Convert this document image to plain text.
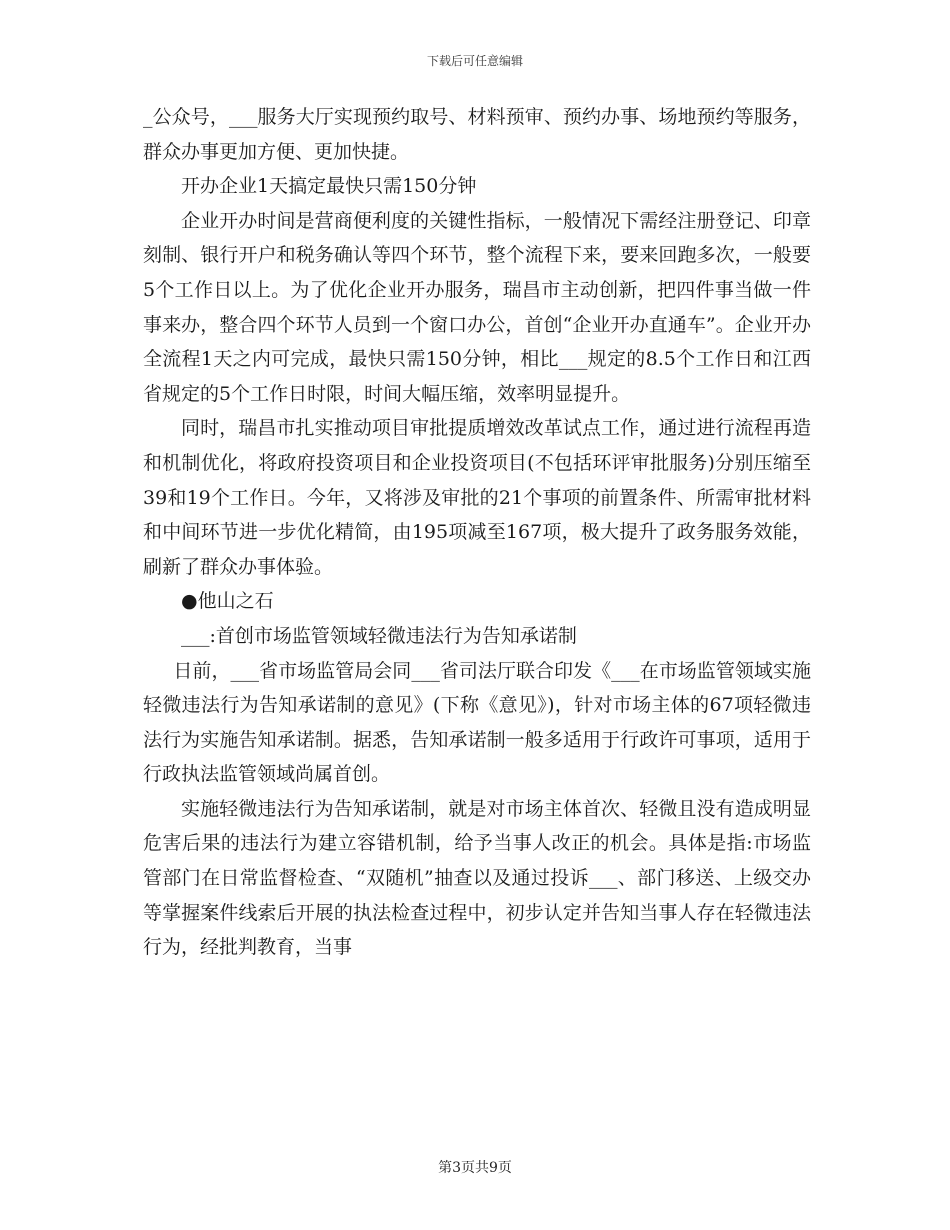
下载后可任意编辑

_公众号，___服务大厅实现预约取号、材料预审、预约办事、场地预约等服务，群众办事更加方便、更加快捷。

开办企业1天搞定最快只需150分钟

企业开办时间是营商便利度的关键性指标，一般情况下需经注册登记、印章刻制、银行开户和税务确认等四个环节，整个流程下来，要来回跑多次，一般要5个工作日以上。为了优化企业开办服务，瑞昌市主动创新，把四件事当做一件事来办，整合四个环节人员到一个窗口办公，首创“企业开办直通车”。企业开办全流程1天之内可完成，最快只需150分钟，相比___规定的8.5个工作日和江西省规定的5个工作日时限，时间大幅压缩，效率明显提升。

同时，瑞昌市扎实推动项目审批提质增效改革试点工作，通过进行流程再造和机制优化，将政府投资项目和企业投资项目(不包括环评审批服务)分别压缩至39和19个工作日。今年，又将涉及审批的21个事项的前置条件、所需审批材料和中间环节进一步优化精简，由195项减至167项，极大提升了政务服务效能，刷新了群众办事体验。

●他山之石

___:首创市场监管领域轻微违法行为告知承诺制

日前，___省市场监管局会同___省司法厅联合印发《___在市场监管领域实施轻微违法行为告知承诺制的意见》(下称《意见》)，针对市场主体的67项轻微违法行为实施告知承诺制。据悉，告知承诺制一般多适用于行政许可事项，适用于行政执法监管领域尚属首创。

实施轻微违法行为告知承诺制，就是对市场主体首次、轻微且没有造成明显危害后果的违法行为建立容错机制，给予当事人改正的机会。具体是指:市场监管部门在日常监督检查、“双随机”抽查以及通过投诉___、部门移送、上级交办等掌握案件线索后开展的执法检查过程中，初步认定并告知当事人存在轻微违法行为，经批判教育，当事

第3页共9页
